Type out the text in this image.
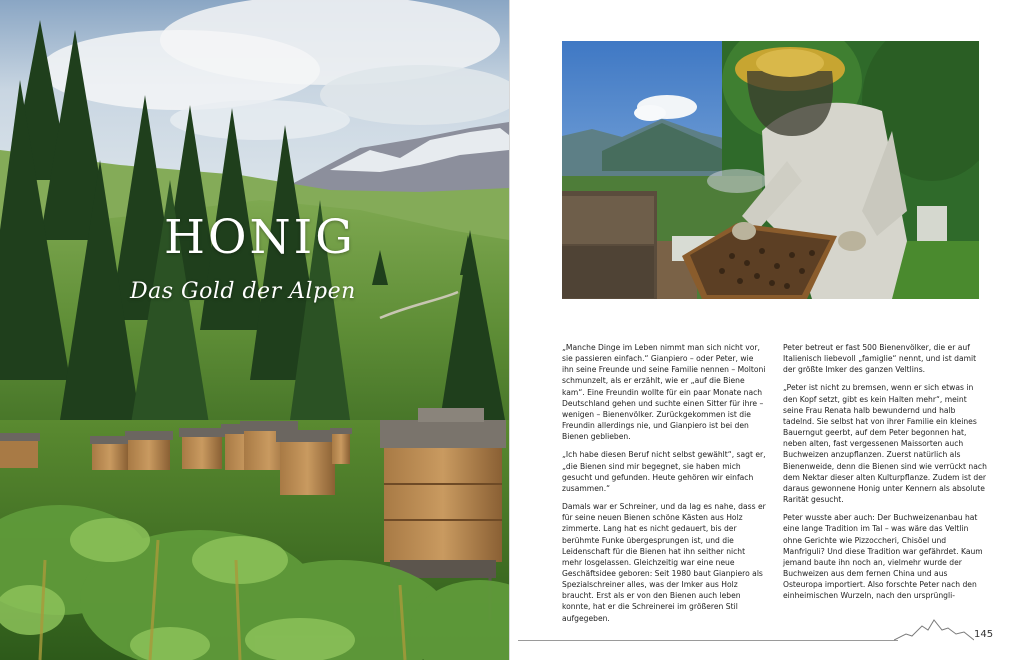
HONIG
Das Gold der Alpen

„Manche Dinge im Leben nimmt man sich nicht vor, sie passieren einfach.“ Gianpiero – oder Peter, wie ihn seine Freunde und seine Familie nennen – Moltoni schmunzelt, als er erzählt, wie er „auf die Biene kam“. Eine Freundin wollte für ein paar Monate nach Deutschland gehen und suchte einen Sitter für ihre – wenigen – Bienenvölker. Zurückgekommen ist die Freundin allerdings nie, und Gianpiero ist bei den Bienen geblieben.

„Ich habe diesen Beruf nicht selbst gewählt“, sagt er, „die Bienen sind mir begegnet, sie haben mich gesucht und gefunden. Heute gehören wir einfach zusammen.“

Damals war er Schreiner, und da lag es nahe, dass er für seine neuen Bienen schöne Kästen aus Holz zimmerte. Lang hat es nicht gedauert, bis der berühmte Funke übergesprungen ist, und die Leidenschaft für die Bienen hat ihn seither nicht mehr losgelassen. Gleichzeitig war eine neue Geschäftsidee geboren: Seit 1980 baut Gianpiero als Spezialschreiner alles, was der Imker aus Holz braucht. Erst als er von den Bienen auch leben konnte, hat er die Schreinerei im größeren Stil aufgegeben.

Peter betreut er fast 500 Bienenvölker, die er auf Italienisch liebevoll „famiglie“ nennt, und ist damit der größte Imker des ganzen Veltlins.

„Peter ist nicht zu bremsen, wenn er sich etwas in den Kopf setzt, gibt es kein Halten mehr“, meint seine Frau Renata halb bewundernd und halb tadelnd. Sie selbst hat von ihrer Familie ein kleines Bauerngut geerbt, auf dem Peter begonnen hat, neben alten, fast vergessenen Maissorten auch Buchweizen anzupflanzen. Zuerst natürlich als Bienenweide, denn die Bienen sind wie verrückt nach dem Nektar dieser alten Kulturpflanze. Zudem ist der daraus gewonnene Honig unter Kennern als absolute Rarität gesucht.

Peter wusste aber auch: Der Buchweizenanbau hat eine lange Tradition im Tal – was wäre das Veltlin ohne Gerichte wie Pizzoccheri, Chisöel und Manfriguli? Und diese Tradition war gefährdet. Kaum jemand baute ihn noch an, vielmehr wurde der Buchweizen aus dem fernen China und aus Osteuropa importiert. Also forschte Peter nach den einheimischen Wurzeln, nach den ursprüngli-

145
